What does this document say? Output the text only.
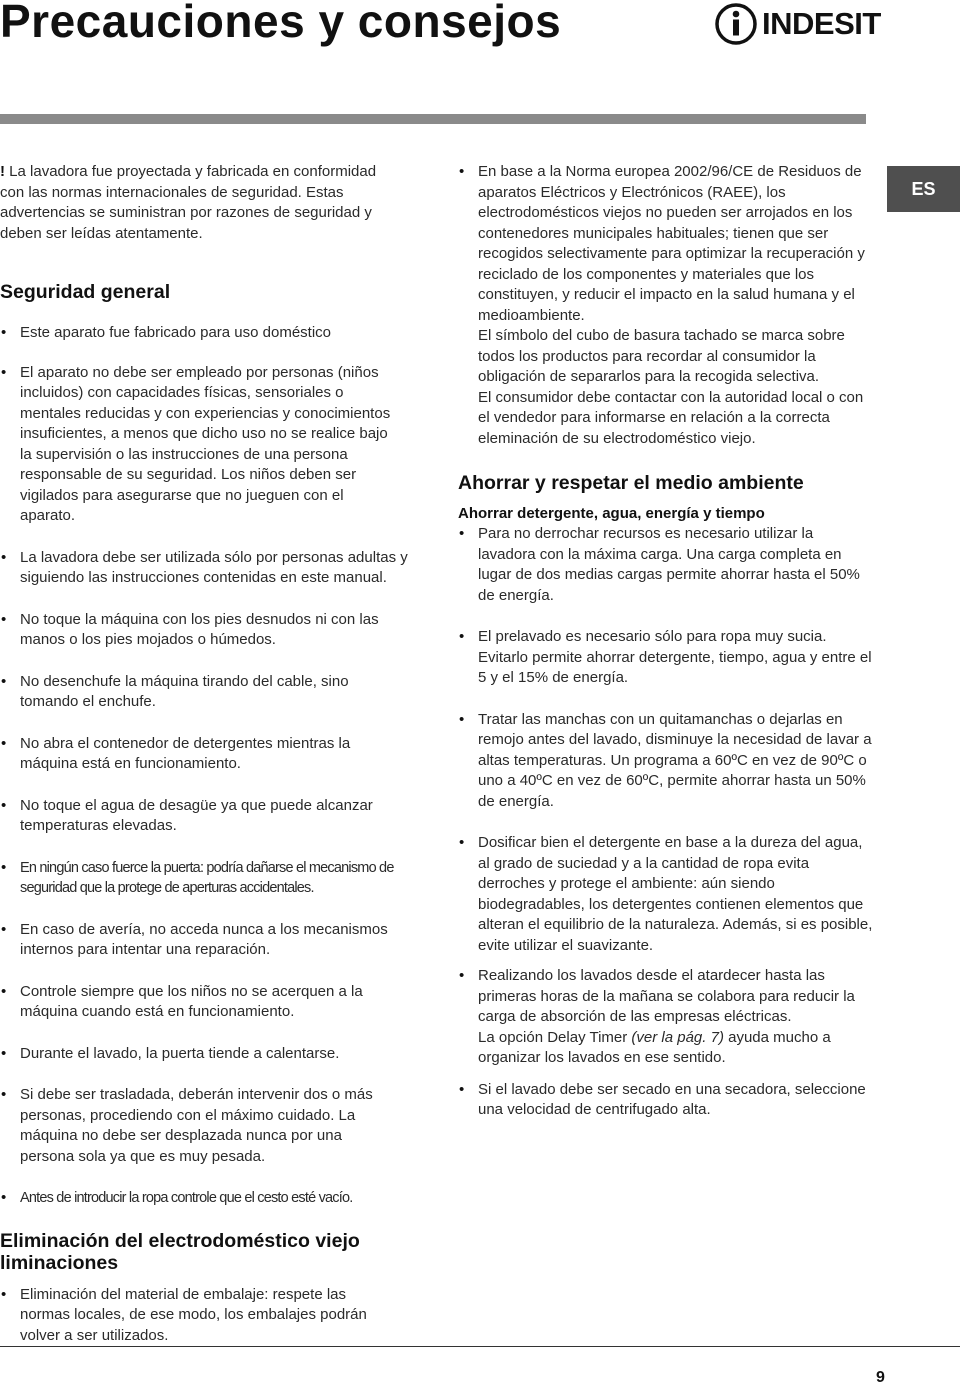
Precauciones y consejos	INDESIT
ES

! La lavadora fue proyectada y fabricada en conformidad con las normas internacionales de seguridad. Estas advertencias se suministran por razones de seguridad y deben ser leídas atentamente.

Seguridad general
• Este aparato fue fabricado para uso doméstico
• El aparato no debe ser empleado por personas (niños incluidos) con capacidades físicas, sensoriales o mentales reducidas y con experiencias y conocimientos insuficientes, a menos que dicho uso no se realice bajo la supervisión o las instrucciones de una persona responsable de su seguridad. Los niños deben ser vigilados para asegurarse que no jueguen con el aparato.
• La lavadora debe ser utilizada sólo por personas adultas y siguiendo las instrucciones contenidas en este manual.
• No toque la máquina con los pies desnudos ni con las manos o los pies mojados o húmedos.
• No desenchufe la máquina tirando del cable, sino tomando el enchufe.
• No abra el contenedor de detergentes mientras la máquina está en funcionamiento.
• No toque el agua de desagüe ya que puede alcanzar temperaturas elevadas.
• En ningún caso fuerce la puerta: podría dañarse el mecanismo de seguridad que la protege de aperturas accidentales.
• En caso de avería, no acceda nunca a los mecanismos internos para intentar una reparación.
• Controle siempre que los niños no se acerquen a la máquina cuando está en funcionamiento.
• Durante el lavado, la puerta tiende a calentarse.
• Si debe ser trasladada, deberán intervenir dos o más personas, procediendo con el máximo cuidado. La máquina no debe ser desplazada nunca por una persona sola ya que es muy pesada.
• Antes de introducir la ropa controle que el cesto esté vacío.
Eliminación del electrodoméstico viejo
liminaciones
• Eliminación del material de embalaje: respete las normas locales, de ese modo, los embalajes podrán volver a ser utilizados.
• En base a la Norma europea 2002/96/CE de Residuos de aparatos Eléctricos y Electrónicos (RAEE), los electrodomésticos viejos no pueden ser arrojados en los contenedores municipales habituales; tienen que ser recogidos selectivamente para optimizar la recuperación y reciclado de los componentes y materiales que los constituyen, y reducir el impacto en la salud humana y el medioambiente.
El símbolo del cubo de basura tachado se marca sobre todos los productos para recordar al consumidor la obligación de separarlos para la recogida selectiva.
El consumidor debe contactar con la autoridad local o con el vendedor para informarse en relación a la correcta eleminación de su electrodoméstico viejo.
Ahorrar y respetar el medio ambiente
Ahorrar detergente, agua, energía y tiempo
• Para no derrochar recursos es necesario utilizar la lavadora con la máxima carga. Una carga completa en lugar de dos medias cargas permite ahorrar hasta el 50% de energía.
• El prelavado es necesario sólo para ropa muy sucia. Evitarlo permite ahorrar detergente, tiempo, agua y entre el 5 y el 15% de energía.
• Tratar las manchas con un quitamanchas o dejarlas en remojo antes del lavado, disminuye la necesidad de lavar a altas temperaturas. Un programa a 60ºC en vez de 90ºC o uno a 40ºC en vez de 60ºC, permite ahorrar hasta un 50% de energía.
• Dosificar bien el detergente en base a la dureza del agua, al grado de suciedad y a la cantidad de ropa evita derroches y protege el ambiente: aún siendo biodegradables, los detergentes contienen elementos que alteran el equilibrio de la naturaleza. Además, si es posible, evite utilizar el suavizante.
• Realizando los lavados desde el atardecer hasta las primeras horas de la mañana se colabora para reducir la carga de absorción de las empresas eléctricas.
La opción Delay Timer (ver la pág. 7) ayuda mucho a organizar los lavados en ese sentido.
• Si el lavado debe ser secado en una secadora, seleccione una velocidad de centrifugado alta.
9
